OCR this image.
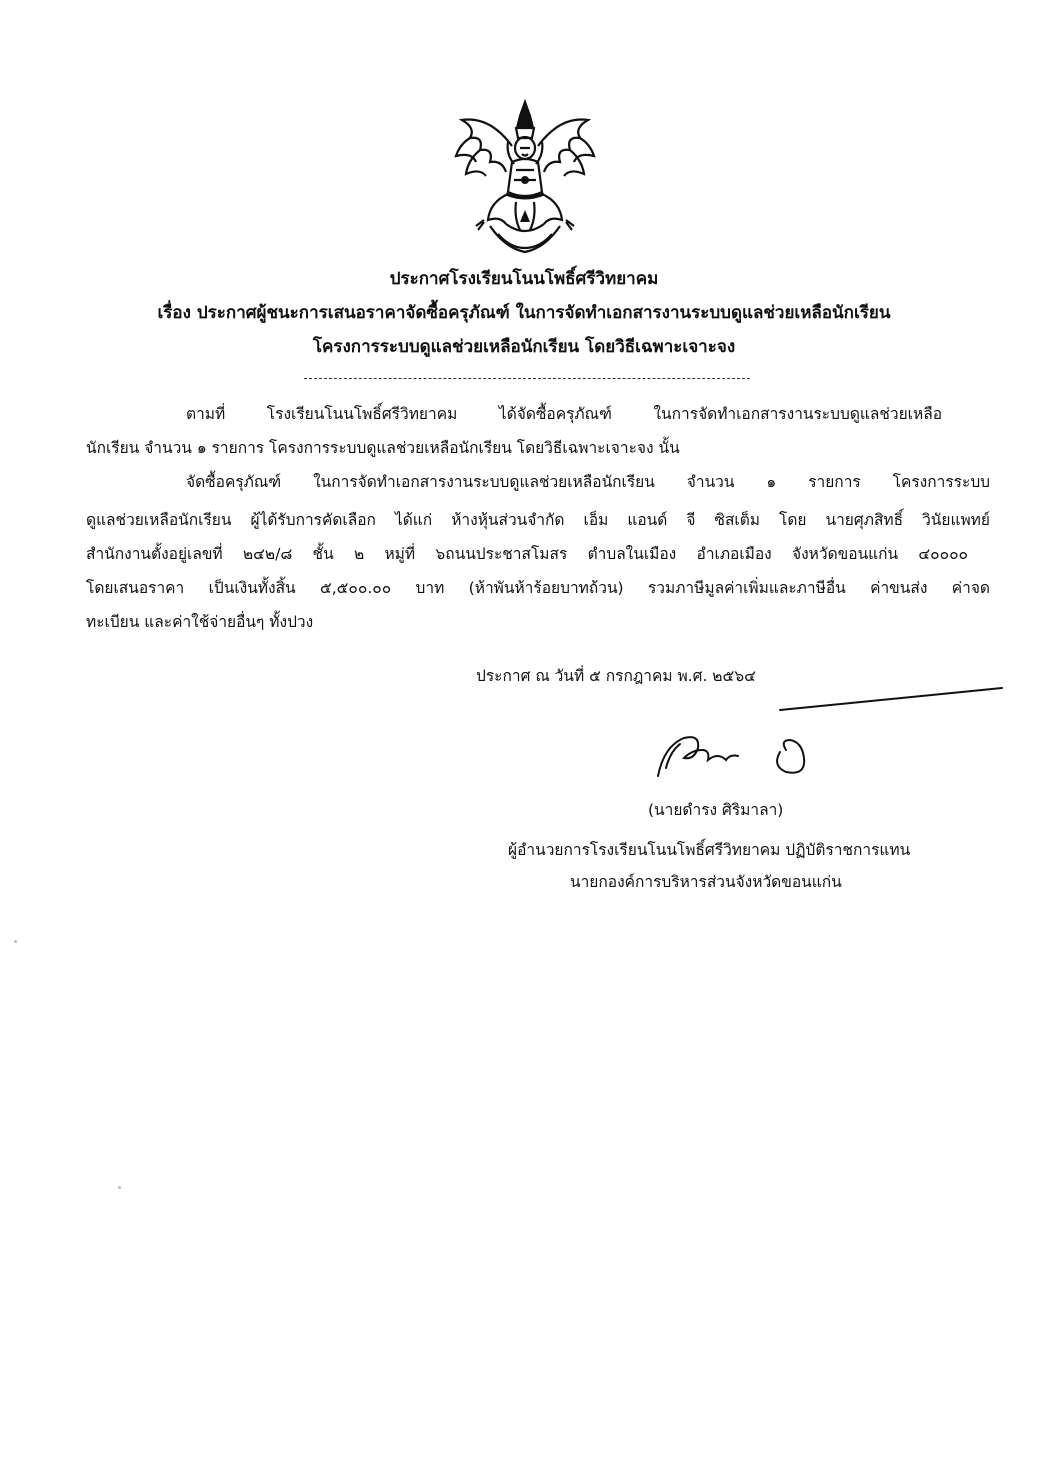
ประกาศโรงเรียนโนนโพธิ์ศรีวิทยาคม
เรื่อง ประกาศผู้ชนะการเสนอราคาจัดซื้อครุภัณฑ์ ในการจัดทำเอกสารงานระบบดูแลช่วยเหลือนักเรียน
โครงการระบบดูแลช่วยเหลือนักเรียน โดยวิธีเฉพาะเจาะจง
ตามที่ โรงเรียนโนนโพธิ์ศรีวิทยาคม ได้จัดซื้อครุภัณฑ์ ในการจัดทำเอกสารงานระบบดูแลช่วยเหลือ
นักเรียน จำนวน ๑ รายการ โครงการระบบดูแลช่วยเหลือนักเรียน โดยวิธีเฉพาะเจาะจง นั้น
จัดซื้อครุภัณฑ์ ในการจัดทำเอกสารงานระบบดูแลช่วยเหลือนักเรียน จำนวน ๑ รายการ โครงการระบบ
ดูแลช่วยเหลือนักเรียน ผู้ได้รับการคัดเลือก ได้แก่ ห้างหุ้นส่วนจำกัด เอ็ม แอนด์ จี ซิสเต็ม โดย นายศุภสิทธิ์ วินัยแพทย์
สำนักงานตั้งอยู่เลขที่ ๒๔๒/๘ ชั้น ๒ หมู่ที่ ๖ถนนประชาสโมสร ตำบลในเมือง อำเภอเมือง จังหวัดขอนแก่น ๔๐๐๐๐
โดยเสนอราคา เป็นเงินทั้งสิ้น ๕,๕๐๐.๐๐ บาท (ห้าพันห้าร้อยบาทถ้วน) รวมภาษีมูลค่าเพิ่มและภาษีอื่น ค่าขนส่ง ค่าจด
ทะเบียน และค่าใช้จ่ายอื่นๆ ทั้งปวง
ประกาศ ณ วันที่ ๕ กรกฎาคม พ.ศ. ๒๕๖๔
(นายดำรง ศิริมาลา)
ผู้อำนวยการโรงเรียนโนนโพธิ์ศรีวิทยาคม ปฏิบัติราชการแทน
นายกองค์การบริหารส่วนจังหวัดขอนแก่น
